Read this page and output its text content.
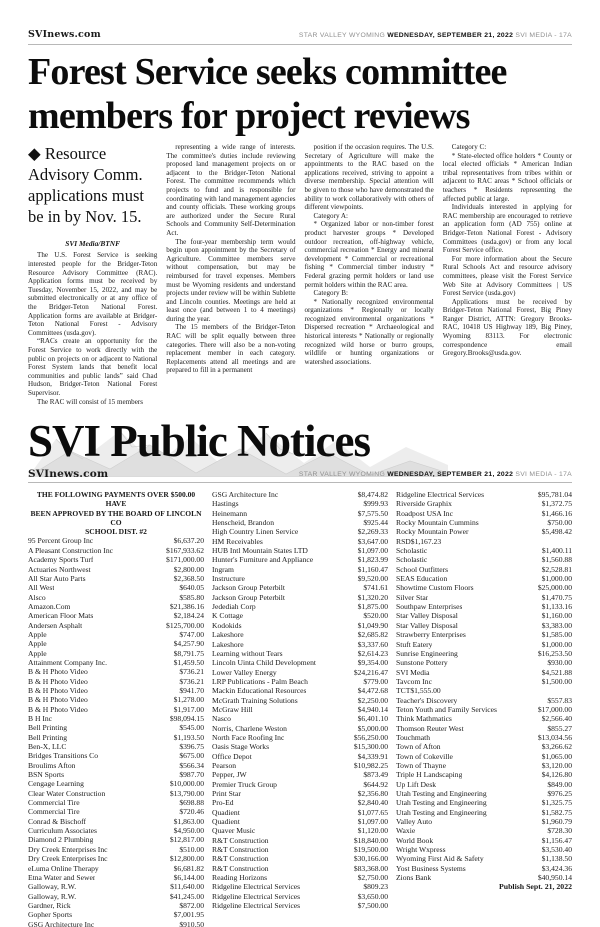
SVInews.com	STAR VALLEY WYOMING WEDNESDAY, SEPTEMBER 21, 2022 SVI MEDIA - 17A
Forest Service seeks committee members for project reviews

◆ Resource Advisory Comm. applications must be in by Nov. 15.

SVI Media/BTNF

The U.S. Forest Service is seeking interested people for the Bridger-Teton Resource Advisory Committee (RAC). Application forms must be received by Tuesday, November 15, 2022, and may be submitted electronically or at any office of the Bridger-Teton National Forest. Application forms are available at Bridger-Teton National Forest - Advisory Committees (usda.gov).

“RACs create an opportunity for the Forest Service to work directly with the public on projects on or adjacent to National Forest System lands that benefit local communities and public lands” said Chad Hudson, Bridger-Teton National Forest Supervisor.

The RAC will consist of 15 members

representing a wide range of interests. The committee's duties include reviewing proposed land management projects on or adjacent to the Bridger-Teton National Forest. The committee recommends which projects to fund and is responsible for coordinating with land management agencies and county officials. These working groups are authorized under the Secure Rural Schools and Community Self-Determination Act.

The four-year membership term would begin upon appointment by the Secretary of Agriculture. Committee members serve without compensation, but may be reimbursed for travel expenses. Members must be Wyoming residents and understand projects under review will be within Sublette and Lincoln counties. Meetings are held at least once (and between 1 to 4 meetings) during the year.

The 15 members of the Bridger-Teton RAC will be split equally between three categories. There will also be a non-voting replacement member in each category. Replacements attend all meetings and are prepared to fill in a permanent

position if the occasion requires. The U.S. Secretary of Agriculture will make the appointments to the RAC based on the applications received, striving to appoint a diverse membership. Special attention will be given to those who have demonstrated the ability to work collaboratively with others of different viewpoints.

Category A:

* Organized labor or non-timber forest product harvester groups * Developed outdoor recreation, off-highway vehicle, commercial recreation * Energy and mineral development * Commercial or recreational fishing * Commercial timber industry * Federal grazing permit holders or land use permit holders within the RAC area.

Category B:

* Nationally recognized environmental organizations * Regionally or locally recognized environmental organizations * Dispersed recreation * Archaeological and historical interests * Nationally or regionally recognized wild horse or burro groups, wildlife or hunting organizations or watershed associations.

Category C:

* State-elected office holders * County or local elected officials * American Indian tribal representatives from tribes within or adjacent to RAC areas * School officials or teachers * Residents representing the affected public at large.

Individuals interested in applying for RAC membership are encouraged to retrieve an application form (AD 755) online at Bridger-Teton National Forest - Advisory Committees (usda.gov) or from any local Forest Service office.

For more information about the Secure Rural Schools Act and resource advisory committees, please visit the Forest Service Web Site at Advisory Committees | US Forest Service (usda.gov)

Applications must be received by Bridger-Teton National Forest, Big Piney Ranger District, ATTN: Gregory Brooks-RAC, 10418 US Highway 189, Big Piney, Wyoming 83113. For electronic correspondence email Gregory.Brooks@usda.gov.

SVI Public Notices
SVInews.com	STAR VALLEY WYOMING WEDNESDAY, SEPTEMBER 21, 2022 SVI MEDIA - 17A
THE FOLLOWING PAYMENTS OVER $500.00 HAVE
BEEN APPROVED BY THE BOARD OF LINCOLN CO
SCHOOL DIST. #2
95 Percent Group Inc	$6,637.20
A Pleasant Construction Inc	$167,933.62
Academy Sports Turf	$171,000.00
Actuaries Northwest	$2,800.00
All Star Auto Parts	$2,368.50
All West	$640.05
Alsco	$585.80
Amazon.Com	$21,386.16
American Floor Mats	$2,184.24
Andersen Asphalt	$125,700.00
Apple	$747.00
Apple	$4,257.90
Apple	$8,791.75
Attainment Company Inc.	$1,459.50
B & H Photo Video	$736.21
B & H Photo Video	$736.21
B & H Photo Video	$941.70
B & H Photo Video	$1,278.00
B & H Photo Video	$1,917.00
B H Inc	$98,094.15
Bell Printing	$545.00
Bell Printing	$1,193.50
Ben-X, LLC	$396.75
Bridges Transitions Co	$675.00
Broulims Afton	$566.34
BSN Sports	$987.70
Cengage Learning	$10,000.00
Clear Water Construction	$13,790.00
Commercial Tire	$698.88
Commercial Tire	$720.46
Conrad & Bischoff	$1,863.00
Curriculum Associates	$4,950.00
Diamond 2 Plumbing	$12,817.00
Dry Creek Enterprises Inc	$510.00
Dry Creek Enterprises Inc	$12,800.00
eLuma Online Therapy	$6,681.82
Etna Water and Sewer	$6,144.00
Galloway, R.W.	$11,640.00
Galloway, R.W.	$41,245.00
Gardner, Rick	$872.00
Gopher Sports	$7,001.95
GSG Architecture Inc	$910.50
GSG Architecture Inc	$8,474.82
Hastings	$999.93
Heinemann	$7,575.50
Henscheid, Brandon	$925.44
High Country Linen Service	$2,269.33
HM Receivables	$3,647.00
HUB Intl Mountain States LTD	$1,097.00
Hunter's Furniture and Appliance	$1,823.99
Ingram	$1,160.47
Instructure	$9,520.00
Jackson Group Peterbilt	$741.61
Jackson Group Peterbilt	$1,320.20
Jedediah Corp	$1,875.00
K Cottage	$520.00
Kodokids	$1,049.90
Lakeshore	$2,685.82
Lakeshore	$3,337.60
Learning without Tears	$2,614.23
Lincoln Uinta Child Development	$9,354.00
Lower Valley Energy	$24,216.47
LRP Publications - Palm Beach	$779.00
Mackin Educational Resources	$4,472.68
McGrath Training Solutions	$2,250.00
McGraw Hill	$4,940.14
Nasco	$6,401.10
Norris, Charlene Weston	$5,000.00
North Face Roofing Inc	$56,250.00
Oasis Stage Works	$15,300.00
Office Depot	$4,339.91
Pearson	$10,982.25
Pepper, JW	$873.49
Premier Truck Group	$644.92
Print Star	$2,356.80
Pro-Ed	$2,840.40
Quadient	$1,077.65
Quadient	$1,097.00
Quaver Music	$1,120.00
R&T Construction	$18,840.00
R&T Construction	$19,500.00
R&T Construction	$30,166.00
R&T Construction	$83,368.00
Reading Horizons	$2,750.00
Ridgeline Electrical Services	$809.23
Ridgeline Electrical Services	$3,650.00
Ridgeline Electrical Services	$7,500.00
Ridgeline Electrical Services	$95,781.04
Riverside Graphix	$1,372.75
Roadpost USA Inc	$1,466.16
Rocky Mountain Cummins	$750.00
Rocky Mountain Power	$5,498.42
RSD$1,167.23
Scholastic	$1,400.11
Scholastic	$1,560.88
School Outfitters	$2,528.81
SEAS Education	$1,000.00
Showtime Custom Floors	$25,000.00
Silver Star	$1,470.75
Southpaw Enterprises	$1,133.16
Star Valley Disposal	$1,160.00
Star Valley Disposal	$3,383.00
Strawberry Enterprises	$1,585.00
Stuft Eatery	$1,000.00
Sunrise Engineering	$16,253.50
Sunstone Pottery	$930.00
SVI Media	$4,521.88
Tavcom Inc	$1,500.00
TCT$1,555.00
Teacher's Discovery	$557.83
Teton Youth and Family Services	$17,000.00
Think Mathmatics	$2,566.40
Thomson Reuter West	$855.27
Touchmath	$13,034.56
Town of Afton	$3,266.62
Town of Cokeville	$1,065.00
Town of Thayne	$3,120.00
Triple H Landscaping	$4,126.80
Up Lift Desk	$849.00
Utah Testing and Engineering	$976.25
Utah Testing and Engineering	$1,325.75
Utah Testing and Engineering	$1,582.75
Valley Auto	$1,960.79
Waxie	$728.30
World Book	$1,156.47
Wright Wxpress	$3,530.40
Wyoming First Aid & Safety	$1,138.50
Yost Business Systems	$3,424.36
Zions Bank	$40,950.14
Publish Sept. 21, 2022
